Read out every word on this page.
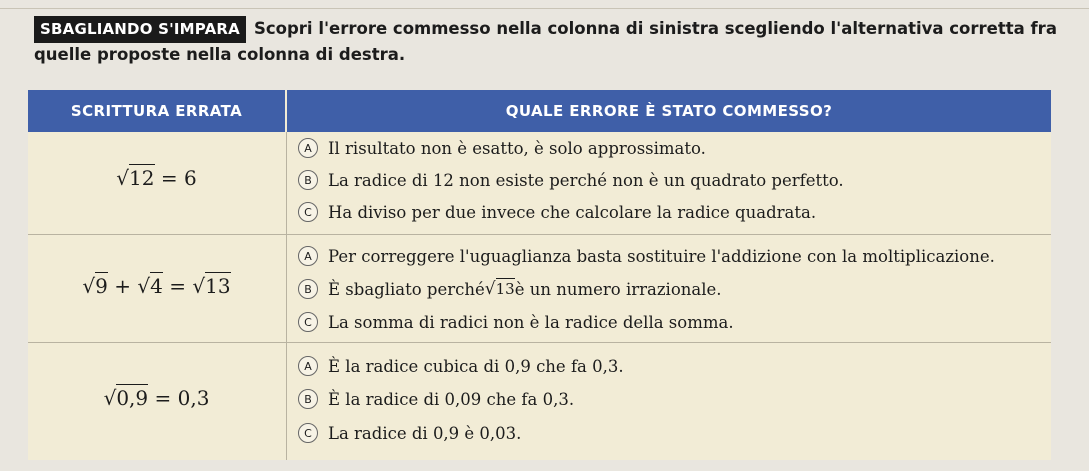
SBAGLIANDO S'IMPARA Scopri l'errore commesso nella colonna di sinistra scegliendo l'alternativa corretta fra quelle proposte nella colonna di destra.
SCRITTURA ERRATA	QUALE ERRORE È STATO COMMESSO?
√12 = 6
A Il risultato non è esatto, è solo approssimato.
B La radice di 12 non esiste perché non è un quadrato perfetto.
C Ha diviso per due invece che calcolare la radice quadrata.
√9 + √4 = √13
A Per correggere l'uguaglianza basta sostituire l'addizione con la moltiplicazione.
B È sbagliato perché √13 è un numero irrazionale.
C La somma di radici non è la radice della somma.
√0,9 = 0,3
A È la radice cubica di 0,9 che fa 0,3.
B È la radice di 0,09 che fa 0,3.
C La radice di 0,9 è 0,03.
